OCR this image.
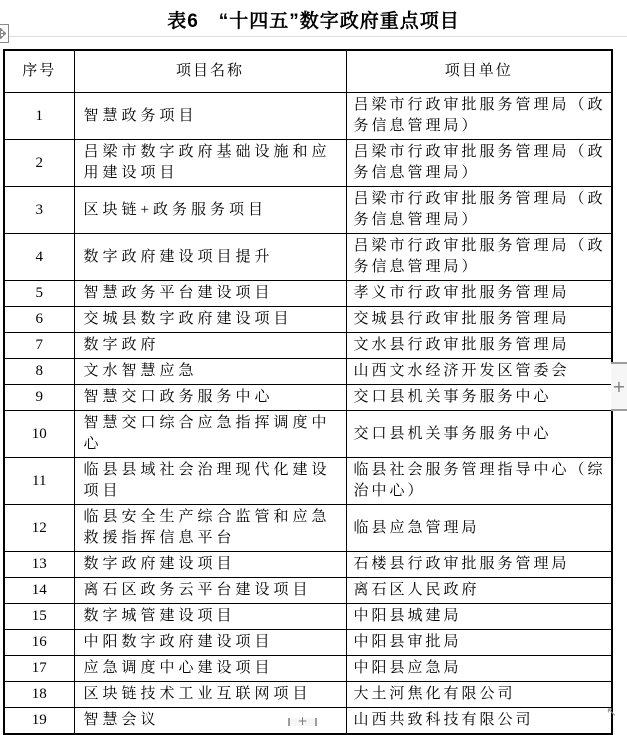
表6　“十四五”数字政府重点项目
序号	项目名称	项目单位
1	智慧政务项目	吕梁市行政审批服务管理局（政务信息管理局）
2	吕梁市数字政府基础设施和应用建设项目	吕梁市行政审批服务管理局（政务信息管理局）
3	区块链+政务服务项目	吕梁市行政审批服务管理局（政务信息管理局）
4	数字政府建设项目提升	吕梁市行政审批服务管理局（政务信息管理局）
5	智慧政务平台建设项目	孝义市行政审批服务管理局
6	交城县数字政府建设项目	交城县行政审批服务管理局
7	数字政府	文水县行政审批服务管理局
8	文水智慧应急	山西文水经济开发区管委会
9	智慧交口政务服务中心	交口县机关事务服务中心
10	智慧交口综合应急指挥调度中心	交口县机关事务服务中心
11	临县县域社会治理现代化建设项目	临县社会服务管理指导中心（综治中心）
12	临县安全生产综合监管和应急救援指挥信息平台	临县应急管理局
13	数字政府建设项目	石楼县行政审批服务管理局
14	离石区政务云平台建设项目	离石区人民政府
15	数字城管建设项目	中阳县城建局
16	中阳数字政府建设项目	中阳县审批局
17	应急调度中心建设项目	中阳县应急局
18	区块链技术工业互联网项目	大土河焦化有限公司
19	智慧会议	山西共致科技有限公司
+
+
↖
